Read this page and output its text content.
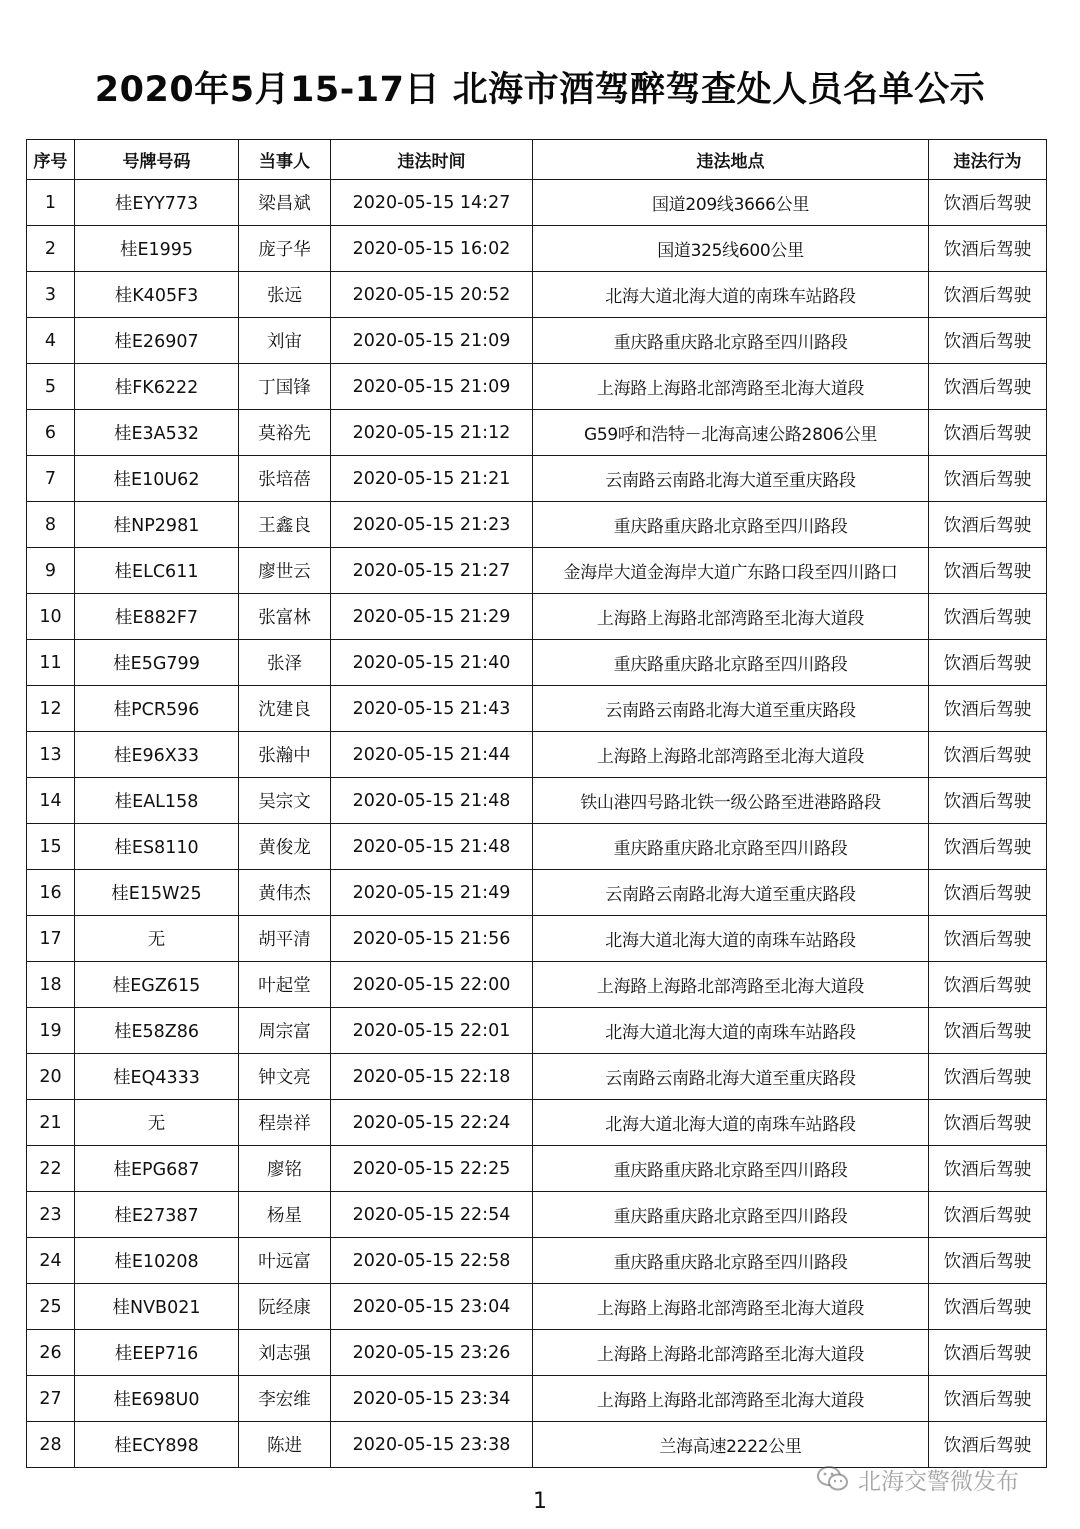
2020年5月15-17日 北海市酒驾醉驾查处人员名单公示
序号	号牌号码	当事人	违法时间	违法地点	违法行为
1	桂EYY773	梁昌斌	2020-05-15 14:27	国道209线3666公里	饮酒后驾驶
2	桂E1995	庞子华	2020-05-15 16:02	国道325线600公里	饮酒后驾驶
3	桂K405F3	张远	2020-05-15 20:52	北海大道北海大道的南珠车站路段	饮酒后驾驶
4	桂E26907	刘宙	2020-05-15 21:09	重庆路重庆路北京路至四川路段	饮酒后驾驶
5	桂FK6222	丁国锋	2020-05-15 21:09	上海路上海路北部湾路至北海大道段	饮酒后驾驶
6	桂E3A532	莫裕先	2020-05-15 21:12	G59呼和浩特－北海高速公路2806公里	饮酒后驾驶
7	桂E10U62	张培蓓	2020-05-15 21:21	云南路云南路北海大道至重庆路段	饮酒后驾驶
8	桂NP2981	王鑫良	2020-05-15 21:23	重庆路重庆路北京路至四川路段	饮酒后驾驶
9	桂ELC611	廖世云	2020-05-15 21:27	金海岸大道金海岸大道广东路口段至四川路口	饮酒后驾驶
10	桂E882F7	张富林	2020-05-15 21:29	上海路上海路北部湾路至北海大道段	饮酒后驾驶
11	桂E5G799	张泽	2020-05-15 21:40	重庆路重庆路北京路至四川路段	饮酒后驾驶
12	桂PCR596	沈建良	2020-05-15 21:43	云南路云南路北海大道至重庆路段	饮酒后驾驶
13	桂E96X33	张瀚中	2020-05-15 21:44	上海路上海路北部湾路至北海大道段	饮酒后驾驶
14	桂EAL158	吴宗文	2020-05-15 21:48	铁山港四号路北铁一级公路至进港路路段	饮酒后驾驶
15	桂ES8110	黄俊龙	2020-05-15 21:48	重庆路重庆路北京路至四川路段	饮酒后驾驶
16	桂E15W25	黄伟杰	2020-05-15 21:49	云南路云南路北海大道至重庆路段	饮酒后驾驶
17	无	胡平清	2020-05-15 21:56	北海大道北海大道的南珠车站路段	饮酒后驾驶
18	桂EGZ615	叶起堂	2020-05-15 22:00	上海路上海路北部湾路至北海大道段	饮酒后驾驶
19	桂E58Z86	周宗富	2020-05-15 22:01	北海大道北海大道的南珠车站路段	饮酒后驾驶
20	桂EQ4333	钟文亮	2020-05-15 22:18	云南路云南路北海大道至重庆路段	饮酒后驾驶
21	无	程崇祥	2020-05-15 22:24	北海大道北海大道的南珠车站路段	饮酒后驾驶
22	桂EPG687	廖铭	2020-05-15 22:25	重庆路重庆路北京路至四川路段	饮酒后驾驶
23	桂E27387	杨星	2020-05-15 22:54	重庆路重庆路北京路至四川路段	饮酒后驾驶
24	桂E10208	叶远富	2020-05-15 22:58	重庆路重庆路北京路至四川路段	饮酒后驾驶
25	桂NVB021	阮经康	2020-05-15 23:04	上海路上海路北部湾路至北海大道段	饮酒后驾驶
26	桂EEP716	刘志强	2020-05-15 23:26	上海路上海路北部湾路至北海大道段	饮酒后驾驶
27	桂E698U0	李宏维	2020-05-15 23:34	上海路上海路北部湾路至北海大道段	饮酒后驾驶
28	桂ECY898	陈进	2020-05-15 23:38	兰海高速2222公里	饮酒后驾驶
1
北海交警微发布
